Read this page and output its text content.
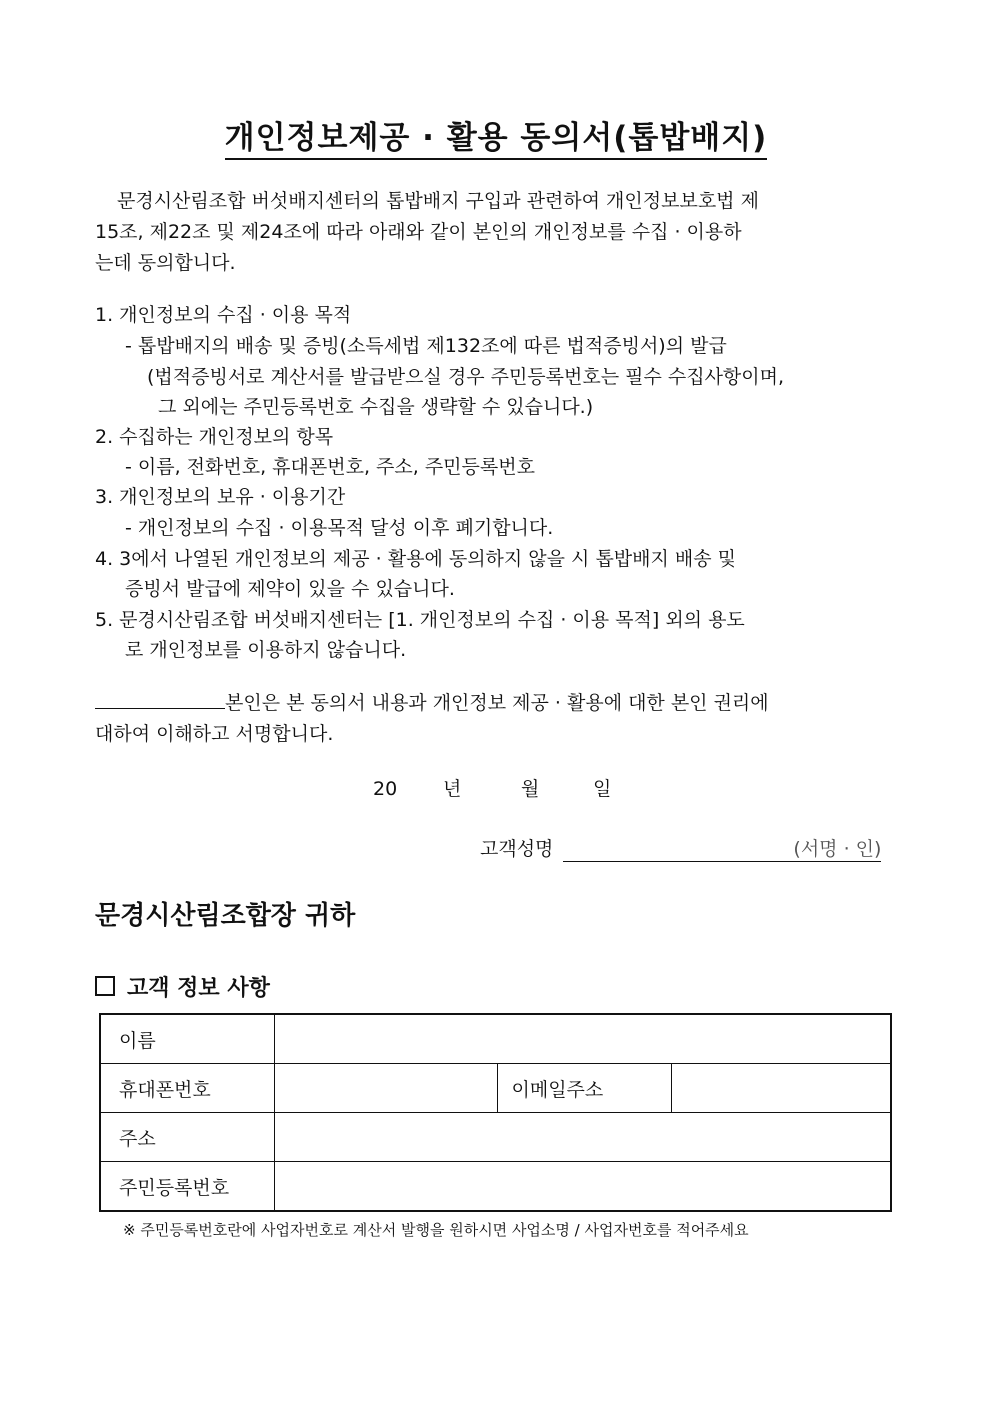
개인정보제공 · 활용 동의서(톱밥배지)
문경시산림조합 버섯배지센터의 톱밥배지 구입과 관련하여 개인정보보호법 제
15조, 제22조 및 제24조에 따라 아래와 같이 본인의 개인정보를 수집 · 이용하
는데 동의합니다.
1. 개인정보의 수집 · 이용 목적
- 톱밥배지의 배송 및 증빙(소득세법 제132조에 따른 법적증빙서)의 발급
(법적증빙서로 계산서를 발급받으실 경우 주민등록번호는 필수 수집사항이며,
그 외에는 주민등록번호 수집을 생략할 수 있습니다.)
2. 수집하는 개인정보의 항목
- 이름, 전화번호, 휴대폰번호, 주소, 주민등록번호
3. 개인정보의 보유 · 이용기간
- 개인정보의 수집 · 이용목적 달성 이후 폐기합니다.
4. 3에서 나열된 개인정보의 제공 · 활용에 동의하지 않을 시 톱밥배지 배송 및
증빙서 발급에 제약이 있을 수 있습니다.
5. 문경시산림조합 버섯배지센터는 [1. 개인정보의 수집 · 이용 목적] 외의 용도
로 개인정보를 이용하지 않습니다.
본인은 본 동의서 내용과 개인정보 제공 · 활용에 대한 본인 권리에
대하여 이해하고 서명합니다.
20 년	월	일
고객성명	(서명 · 인)
문경시산림조합장 귀하
고객 정보 사항
이름			
휴대폰번호		이메일주소	
주소			
주민등록번호			
※ 주민등록번호란에 사업자번호로 계산서 발행을 원하시면 사업소명 / 사업자번호를 적어주세요
